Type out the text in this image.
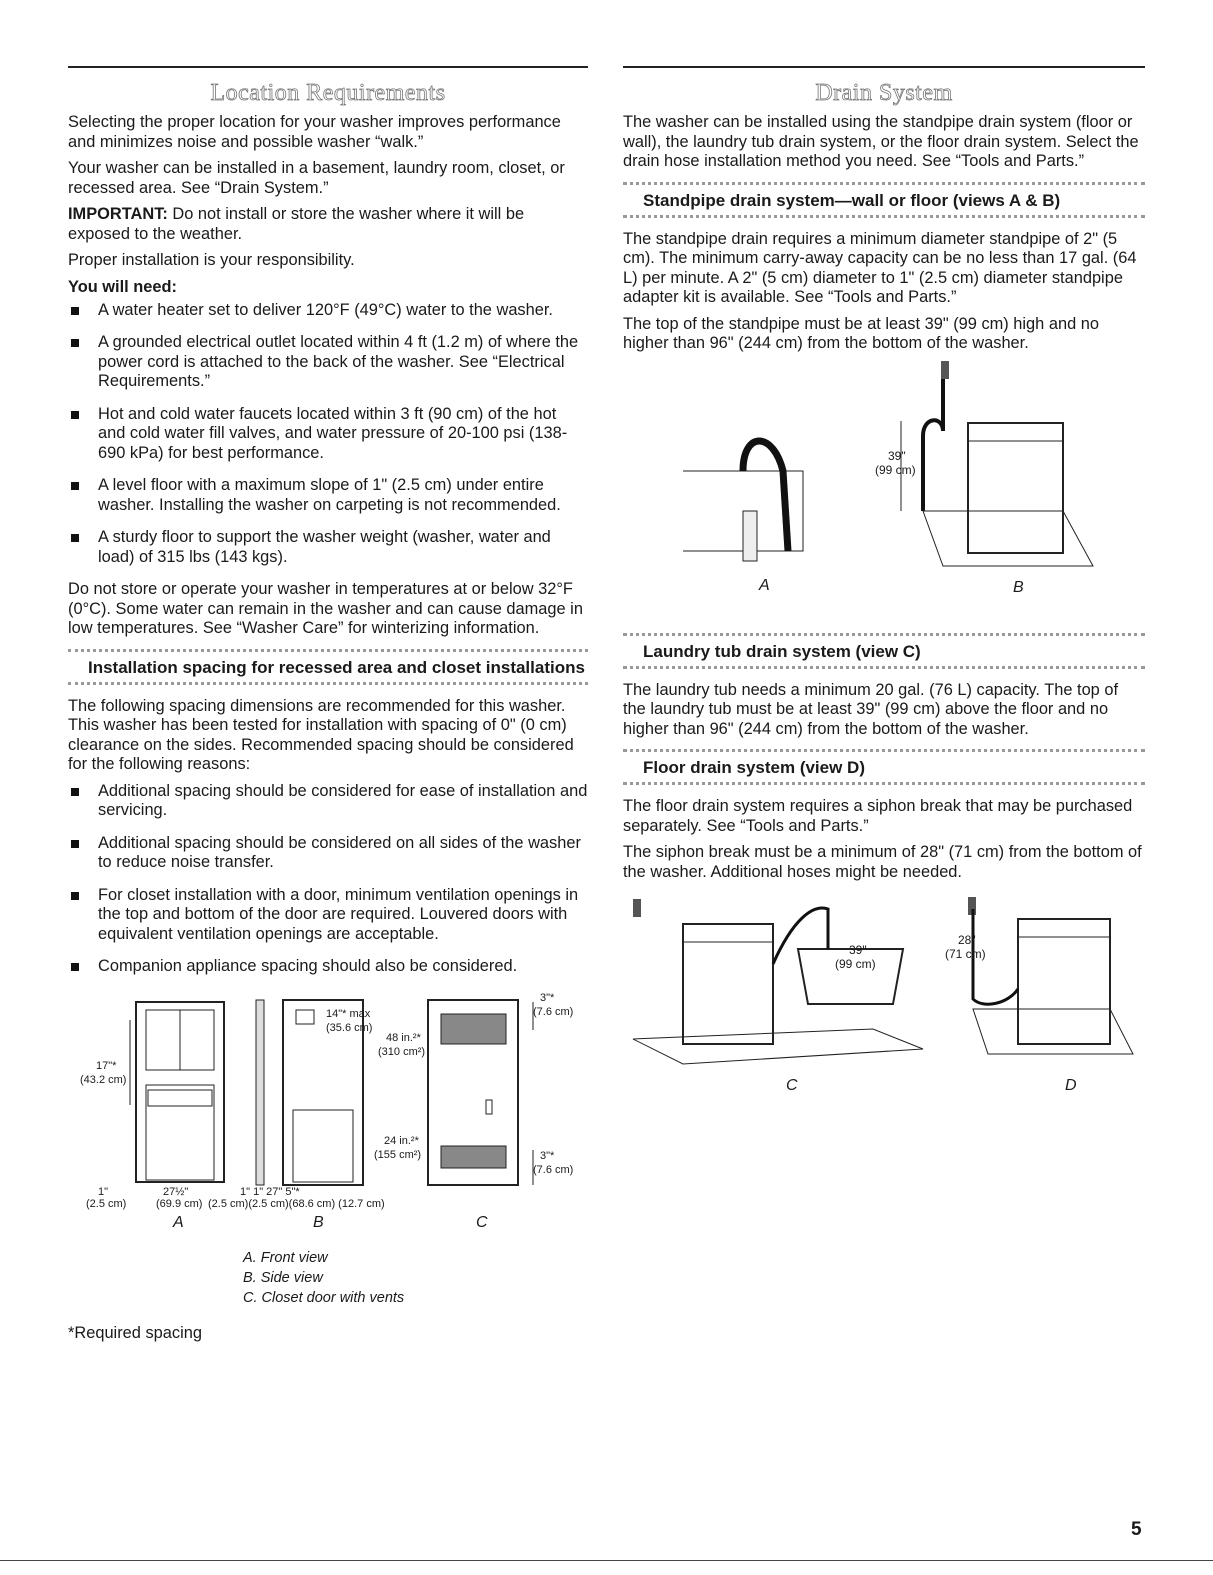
Location Requirements

Selecting the proper location for your washer improves performance and minimizes noise and possible washer “walk.”

Your washer can be installed in a basement, laundry room, closet, or recessed area. See “Drain System.”

IMPORTANT: Do not install or store the washer where it will be exposed to the weather.

Proper installation is your responsibility.

You will need:
A water heater set to deliver 120°F (49°C) water to the washer.
A grounded electrical outlet located within 4 ft (1.2 m) of where the power cord is attached to the back of the washer. See “Electrical Requirements.”
Hot and cold water faucets located within 3 ft (90 cm) of the hot and cold water fill valves, and water pressure of 20-100 psi (138-690 kPa) for best performance.
A level floor with a maximum slope of 1" (2.5 cm) under entire washer. Installing the washer on carpeting is not recommended.
A sturdy floor to support the washer weight (washer, water and load) of 315 lbs (143 kgs).

Do not store or operate your washer in temperatures at or below 32°F (0°C). Some water can remain in the washer and can cause damage in low temperatures. See “Washer Care” for winterizing information.

Installation spacing for recessed area and closet installations

The following spacing dimensions are recommended for this washer. This washer has been tested for installation with spacing of 0" (0 cm) clearance on the sides. Recommended spacing should be considered for the following reasons:

Additional spacing should be considered for ease of installation and servicing.
Additional spacing should be considered on all sides of the washer to reduce noise transfer.
For closet installation with a door, minimum ventilation openings in the top and bottom of the door are required. Louvered doors with equivalent ventilation openings are acceptable.
Companion appliance spacing should also be considered.
17"*
(43.2 cm)
1"
(2.5 cm)
27½"
(69.9 cm)
14"* max
(35.6 cm)
48 in.²*
(310 cm²)
24 in.²*
(155 cm²)
1" 1" 27" 5"*
(2.5 cm)(2.5 cm)(68.6 cm) (12.7 cm)
3"*
(7.6 cm)
3"*
(7.6 cm)
A	B	C
A. Front view
B. Side view
C. Closet door with vents
*Required spacing
Drain System

The washer can be installed using the standpipe drain system (floor or wall), the laundry tub drain system, or the floor drain system. Select the drain hose installation method you need. See “Tools and Parts.”

Standpipe drain system—wall or floor (views A & B)

The standpipe drain requires a minimum diameter standpipe of 2" (5 cm). The minimum carry-away capacity can be no less than 17 gal. (64 L) per minute. A 2" (5 cm) diameter to 1" (2.5 cm) diameter standpipe adapter kit is available. See “Tools and Parts.”

The top of the standpipe must be at least 39" (99 cm) high and no higher than 96" (244 cm) from the bottom of the washer.

39"
(99 cm)
A	B
Laundry tub drain system (view C)

The laundry tub needs a minimum 20 gal. (76 L) capacity. The top of the laundry tub must be at least 39" (99 cm) above the floor and no higher than 96" (244 cm) from the bottom of the washer.

Floor drain system (view D)

The floor drain system requires a siphon break that may be purchased separately. See “Tools and Parts.”

The siphon break must be a minimum of 28" (71 cm) from the bottom of the washer. Additional hoses might be needed.

39"
(99 cm)
28"
(71 cm)
C	D
5
